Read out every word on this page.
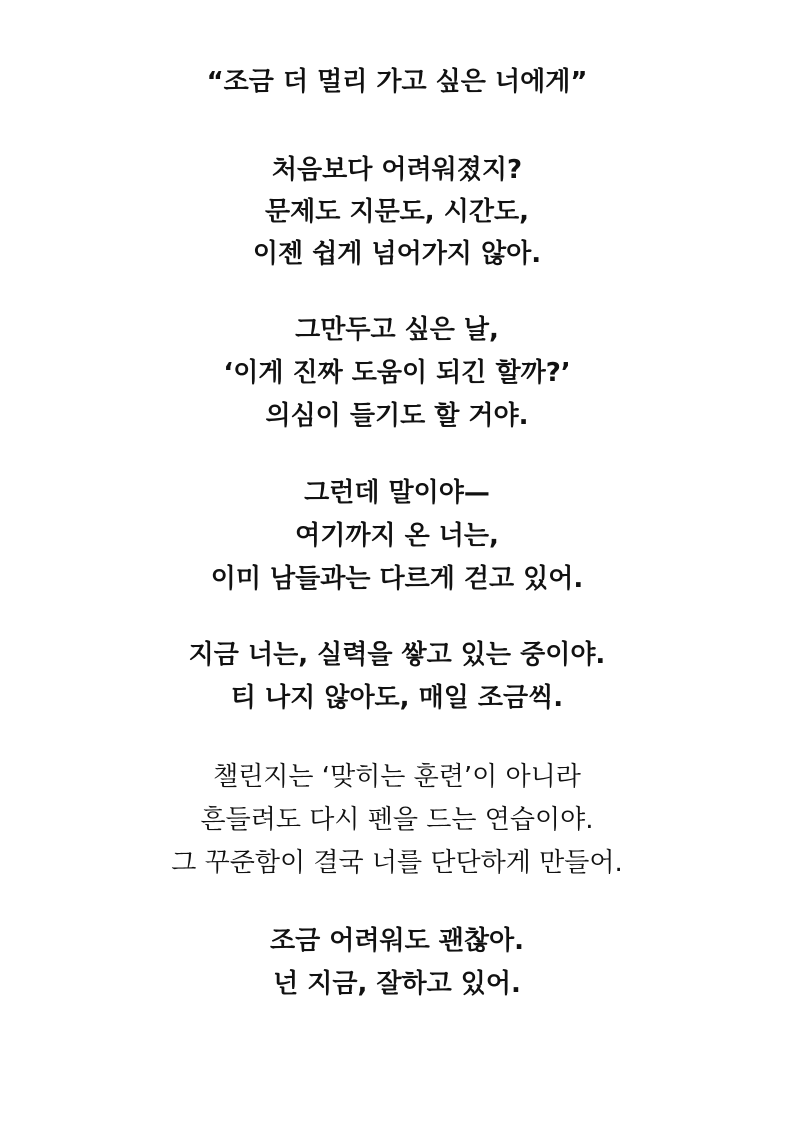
“조금 더 멀리 가고 싶은 너에게”

처음보다 어려워졌지?

문제도 지문도, 시간도,

이젠 쉽게 넘어가지 않아.

그만두고 싶은 날,

‘이게 진짜 도움이 되긴 할까?’

의심이 들기도 할 거야.

그런데 말이야—

여기까지 온 너는,

이미 남들과는 다르게 걷고 있어.

지금 너는, 실력을 쌓고 있는 중이야.

티 나지 않아도, 매일 조금씩.

챌린지는 ‘맞히는 훈련’이 아니라

흔들려도 다시 펜을 드는 연습이야.

그 꾸준함이 결국 너를 단단하게 만들어.

조금 어려워도 괜찮아.

넌 지금, 잘하고 있어.
